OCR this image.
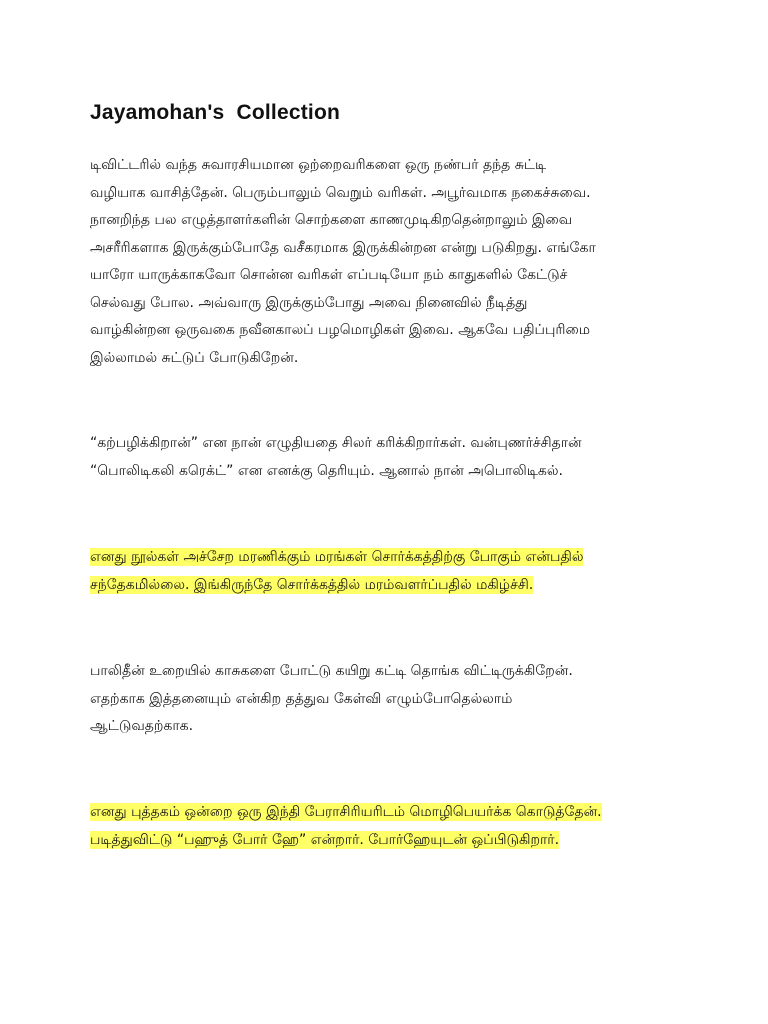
Jayamohan's  Collection
டிவிட்டரில் வந்த சுவாரசியமான ஒற்றைவரிகளை ஒரு நண்பர் தந்த சுட்டி
வழியாக வாசித்தேன். பெரும்பாலும் வெறும் வரிகள். அபூர்வமாக நகைச்சுவை.
நானறிந்த பல எழுத்தாளர்களின் சொற்களை காணமுடிகிறதென்றாலும் இவை
அசரீரிகளாக இருக்கும்போதே வசீகரமாக இருக்கின்றன என்று படுகிறது. எங்கோ
யாரோ யாருக்காகவோ சொன்ன வரிகள் எப்படியோ நம் காதுகளில் கேட்டுச்
செல்வது போல. அவ்வாரு இருக்கும்போது அவை நினைவில் நீடித்து
வாழ்கின்றன ஒருவகை நவீனகாலப் பழமொழிகள் இவை. ஆகவே பதிப்புரிமை
இல்லாமல் சுட்டுப் போடுகிறேன்.
“கற்பழிக்கிறான்” என நான் எழுதியதை சிலர் கரிக்கிறார்கள். வன்புணர்ச்சிதான்
“பொலிடிகலி கரெக்ட்” என எனக்கு தெரியும். ஆனால் நான் அபொலிடிகல்.
எனது நூல்கள் அச்சேற மரணிக்கும் மரங்கள் சொர்க்கத்திற்கு போகும் என்பதில்
சந்தேகமில்லை. இங்கிருந்தே சொர்க்கத்தில் மரம்வளர்ப்பதில் மகிழ்ச்சி.
பாலிதீன் உறையில் காசுகளை போட்டு கயிறு கட்டி தொங்க விட்டிருக்கிறேன்.
எதற்காக இத்தனையும் என்கிற தத்துவ கேள்வி எழும்போதெல்லாம்
ஆட்டுவதற்காக.
எனது புத்தகம் ஒன்றை ஒரு இந்தி பேராசிரியரிடம் மொழிபெயர்க்க கொடுத்தேன்.
படித்துவிட்டு “பஹுத் போர் ஹே” என்றார். போர்ஹேயுடன் ஒப்பிடுகிறார்.
